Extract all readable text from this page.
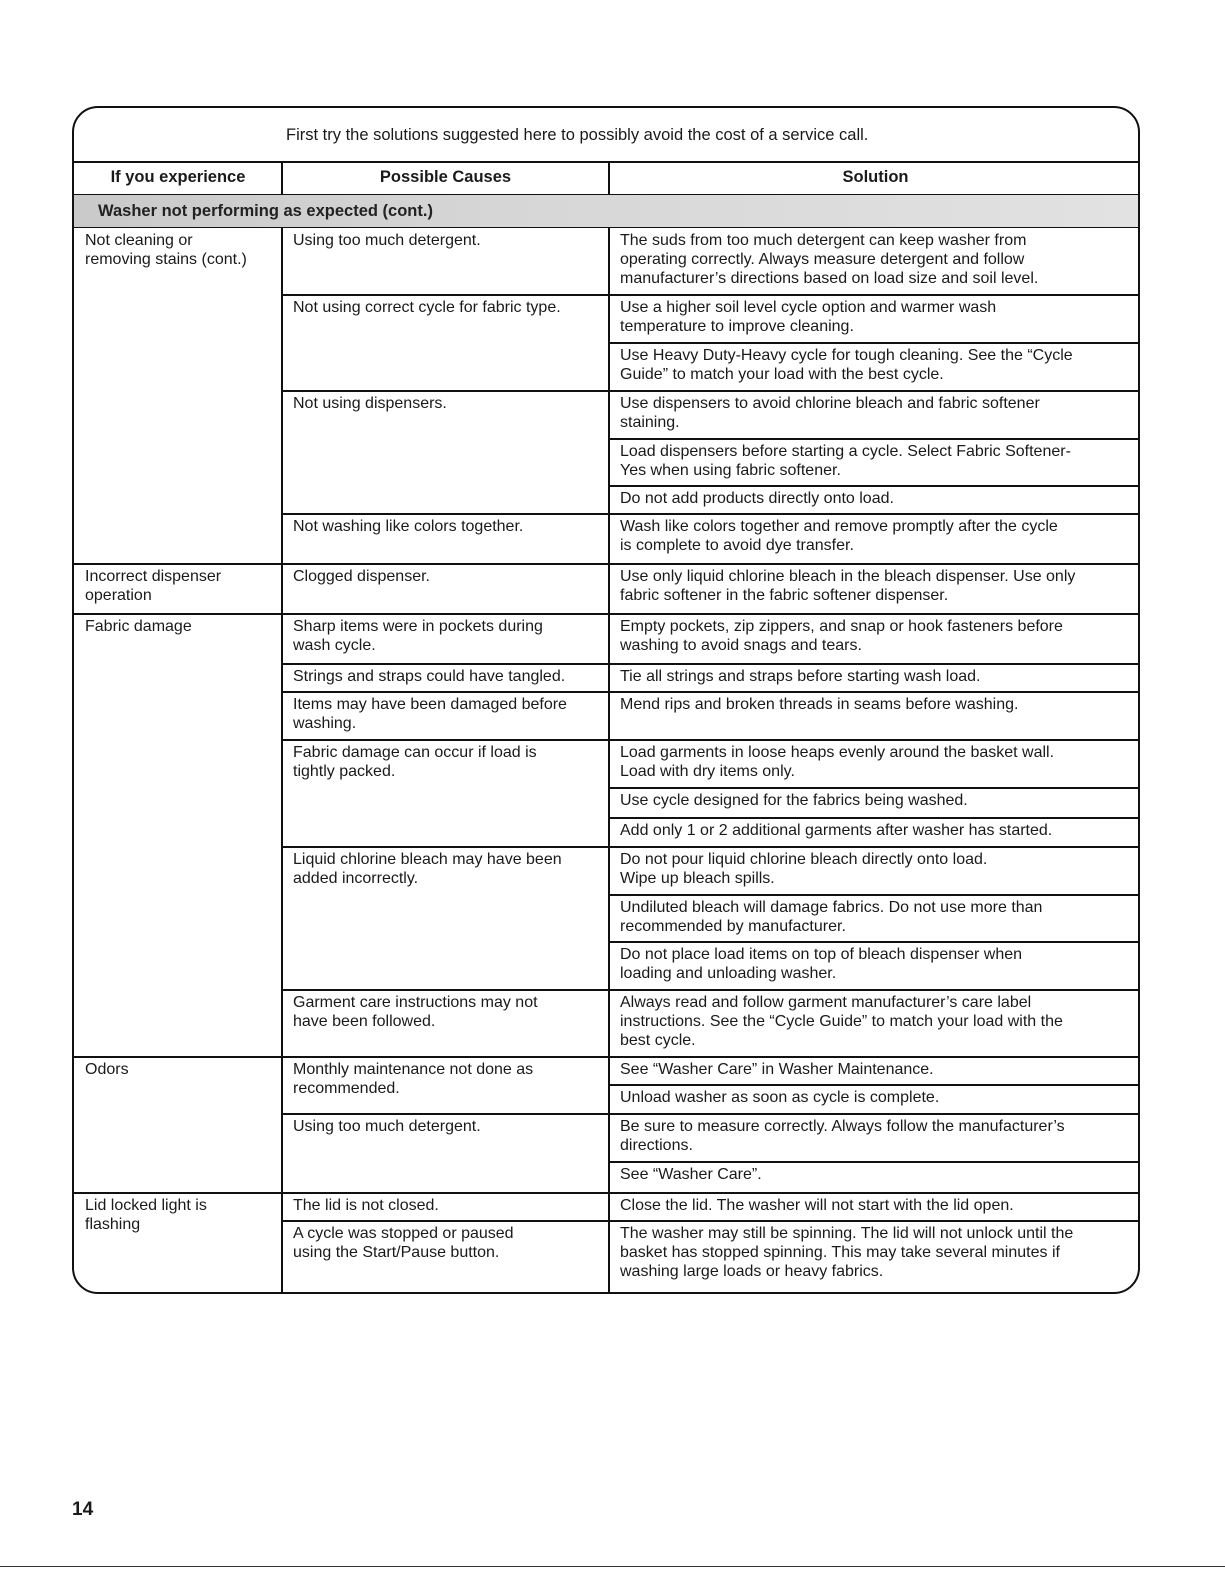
First try the solutions suggested here to possibly avoid the cost of a service call.
If you experience	Possible Causes	Solution
Washer not performing as expected (cont.)
Not cleaning or
removing stains (cont.)
Incorrect dispenser
operation
Fabric damage
Odors
Lid locked light is
flashing
Using too much detergent.
Not using correct cycle for fabric type.
Not using dispensers.
Not washing like colors together.
Clogged dispenser.
Sharp items were in pockets during
wash cycle.
Strings and straps could have tangled.
Items may have been damaged before
washing.
Fabric damage can occur if load is
tightly packed.
Liquid chlorine bleach may have been
added incorrectly.
Garment care instructions may not
have been followed.
Monthly maintenance not done as
recommended.
Using too much detergent.
The lid is not closed.
A cycle was stopped or paused
using the Start/Pause button.
The suds from too much detergent can keep washer from
operating correctly. Always measure detergent and follow
manufacturer’s directions based on load size and soil level.
Use a higher soil level cycle option and warmer wash
temperature to improve cleaning.
Use Heavy Duty-Heavy cycle for tough cleaning. See the “Cycle
Guide” to match your load with the best cycle.
Use dispensers to avoid chlorine bleach and fabric softener
staining.
Load dispensers before starting a cycle. Select Fabric Softener-
Yes when using fabric softener.
Do not add products directly onto load.
Wash like colors together and remove promptly after the cycle
is complete to avoid dye transfer.
Use only liquid chlorine bleach in the bleach dispenser. Use only
fabric softener in the fabric softener dispenser.
Empty pockets, zip zippers, and snap or hook fasteners before
washing to avoid snags and tears.
Tie all strings and straps before starting wash load.
Mend rips and broken threads in seams before washing.
Load garments in loose heaps evenly around the basket wall.
Load with dry items only.
Use cycle designed for the fabrics being washed.
Add only 1 or 2 additional garments after washer has started.
Do not pour liquid chlorine bleach directly onto load.
Wipe up bleach spills.
Undiluted bleach will damage fabrics. Do not use more than
recommended by manufacturer.
Do not place load items on top of bleach dispenser when
loading and unloading washer.
Always read and follow garment manufacturer’s care label
instructions. See the “Cycle Guide” to match your load with the
best cycle.
See “Washer Care” in Washer Maintenance.
Unload washer as soon as cycle is complete.
Be sure to measure correctly. Always follow the manufacturer’s
directions.
See “Washer Care”.
Close the lid. The washer will not start with the lid open.
The washer may still be spinning. The lid will not unlock until the
basket has stopped spinning. This may take several minutes if
washing large loads or heavy fabrics.
14
